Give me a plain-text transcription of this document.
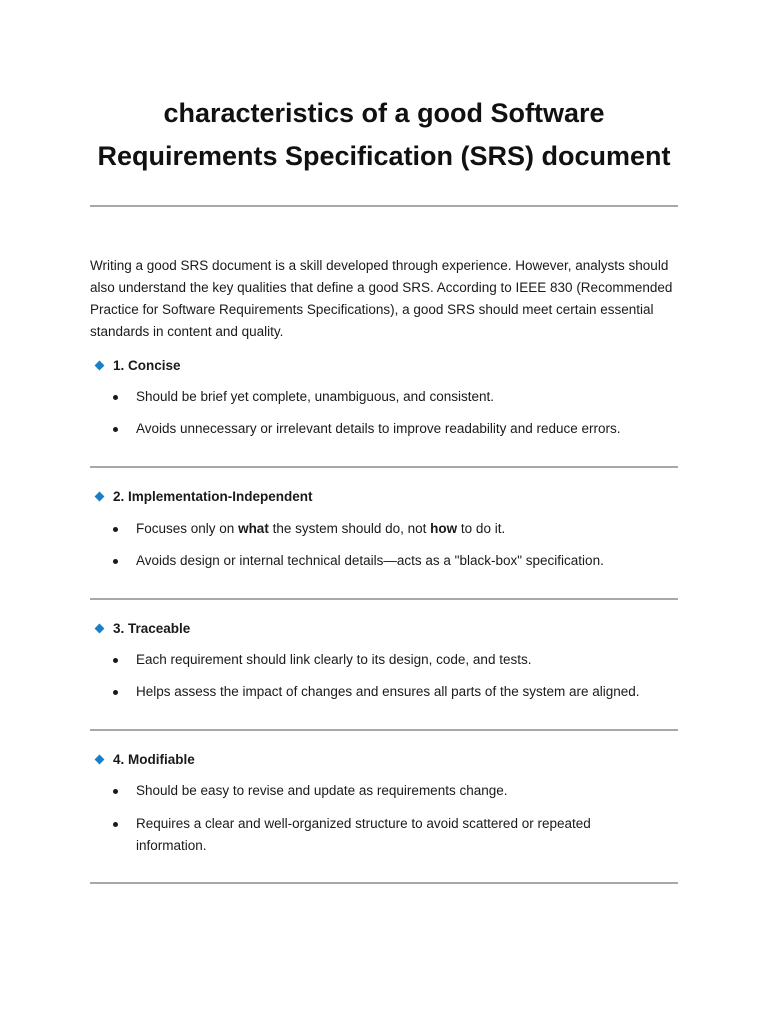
characteristics of a good Software
Requirements Specification (SRS) document

Writing a good SRS document is a skill developed through experience. However, analysts should also understand the key qualities that define a good SRS. According to IEEE 830 (Recommended Practice for Software Requirements Specifications), a good SRS should meet certain essential standards in content and quality.

1. Concise
Should be brief yet complete, unambiguous, and consistent.
Avoids unnecessary or irrelevant details to improve readability and reduce errors.
2. Implementation-Independent
Focuses only on what the system should do, not how to do it.
Avoids design or internal technical details—acts as a "black-box" specification.
3. Traceable
Each requirement should link clearly to its design, code, and tests.
Helps assess the impact of changes and ensures all parts of the system are aligned.
4. Modifiable
Should be easy to revise and update as requirements change.
Requires a clear and well-organized structure to avoid scattered or repeated information.
